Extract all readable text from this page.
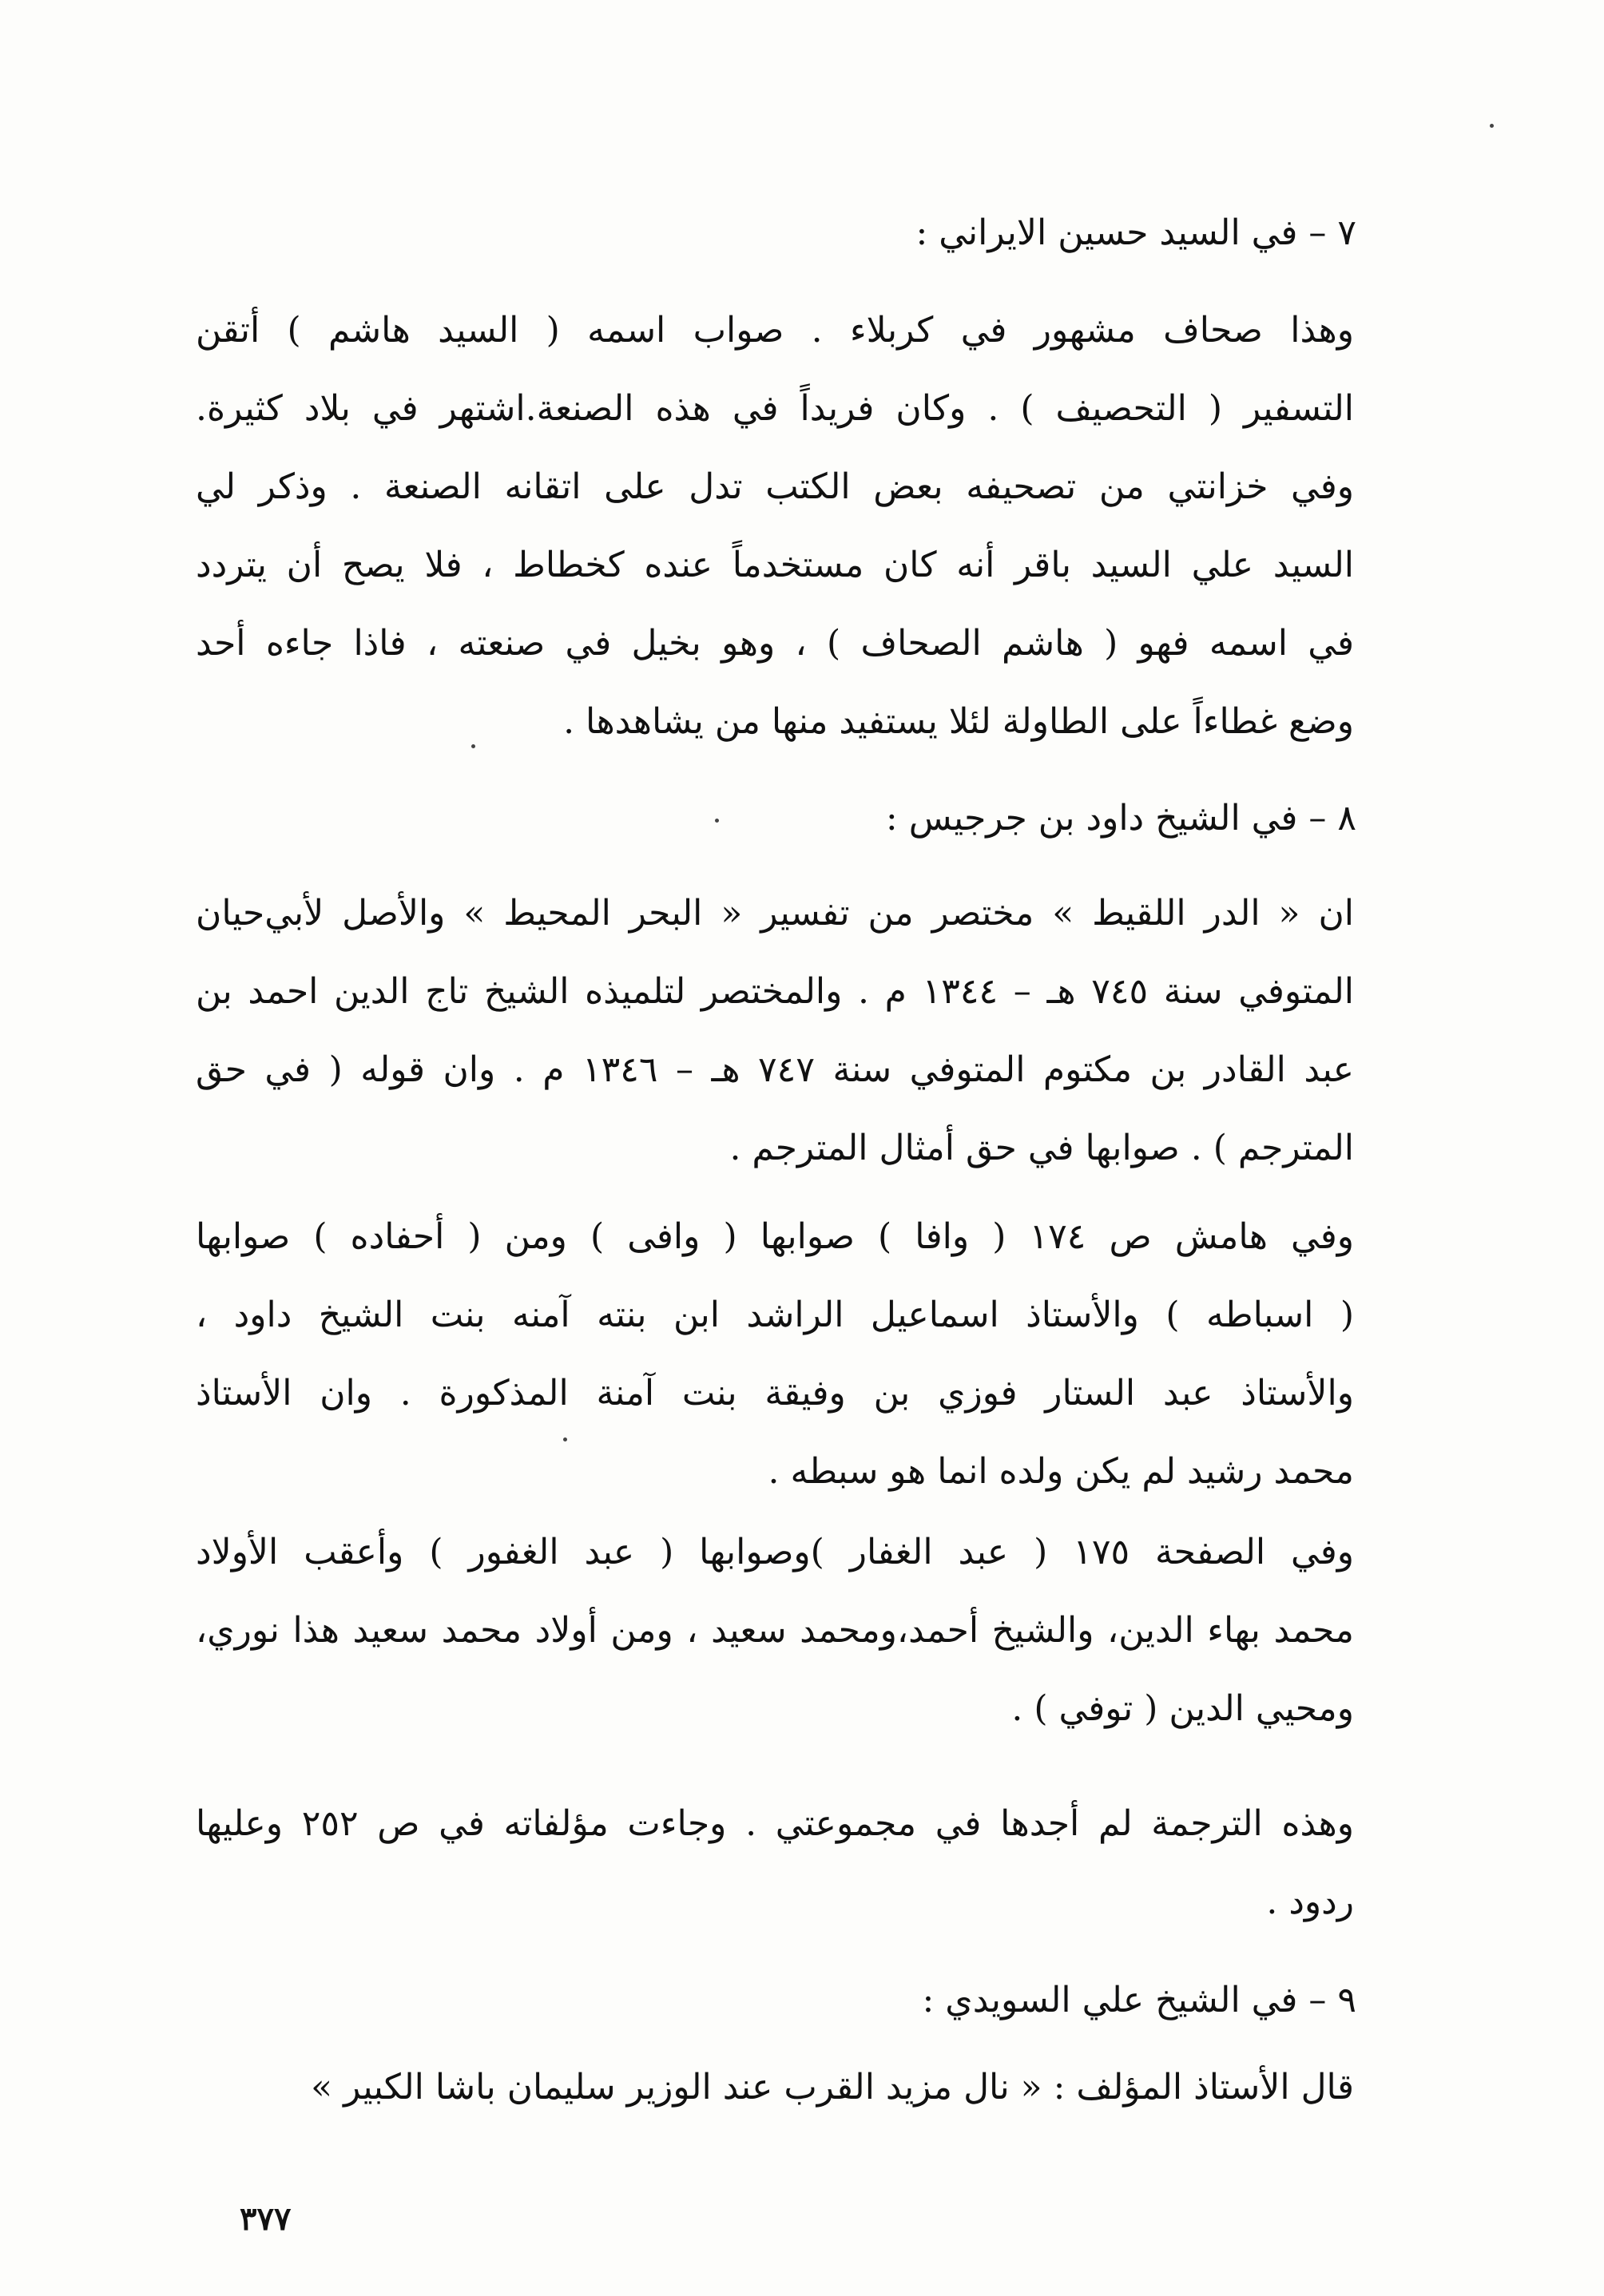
٧ – في السيد حسين الايراني :
وهذا صحاف مشهور في كربلاء . صواب اسمه ( السيد هاشم ) أتقن
التسفير ( التحصيف ) . وكان فريداً في هذه الصنعة.اشتهر في بلاد كثيرة.
وفي خزانتي من تصحيفه بعض الكتب تدل على اتقانه الصنعة . وذكر لي
السيد علي السيد باقر أنه كان مستخدماً عنده كخطاط ، فلا يصح أن يتردد
في اسمه فهو ( هاشم الصحاف ) ، وهو بخيل في صنعته ، فاذا جاءه أحد
وضع غطاءاً على الطاولة لئلا يستفيد منها من يشاهدها .
٨ – في الشيخ داود بن جرجيس :
ان « الدر اللقيط » مختصر من تفسير « البحر المحيط » والأصل لأبي‌حيان
المتوفي سنة ٧٤٥ هـ – ١٣٤٤ م . والمختصر لتلميذه الشيخ تاج الدين احمد بن
عبد القادر بن مكتوم المتوفي سنة ٧٤٧ هـ – ١٣٤٦ م . وان قوله ( في حق
المترجم ) . صوابها في حق أمثال المترجم .
وفي هامش ص ١٧٤ ( وافا ) صوابها ( وافى ) ومن ( أحفاده ) صوابها
( اسباطه ) والأستاذ اسماعيل الراشد ابن بنته آمنه بنت الشيخ داود ،
والأستاذ عبد الستار فوزي بن وفيقة بنت آمنة المذكورة . وان الأستاذ
محمد رشيد لم يكن ولده انما هو سبطه .
وفي الصفحة ١٧٥ ( عبد الغفار )وصوابها ( عبد الغفور ) وأعقب الأولاد
محمد بهاء الدين، والشيخ أحمد،ومحمد سعيد ، ومن أولاد محمد سعيد هذا نوري،
ومحيي الدين ( توفي ) .
وهذه الترجمة لم أجدها في مجموعتي . وجاءت مؤلفاته في ص ٢٥٢ وعليها
ردود .
٩ – في الشيخ علي السويدي :
قال الأستاذ المؤلف : « نال مزيد القرب عند الوزير سليمان باشا الكبير »
٣٧٧
